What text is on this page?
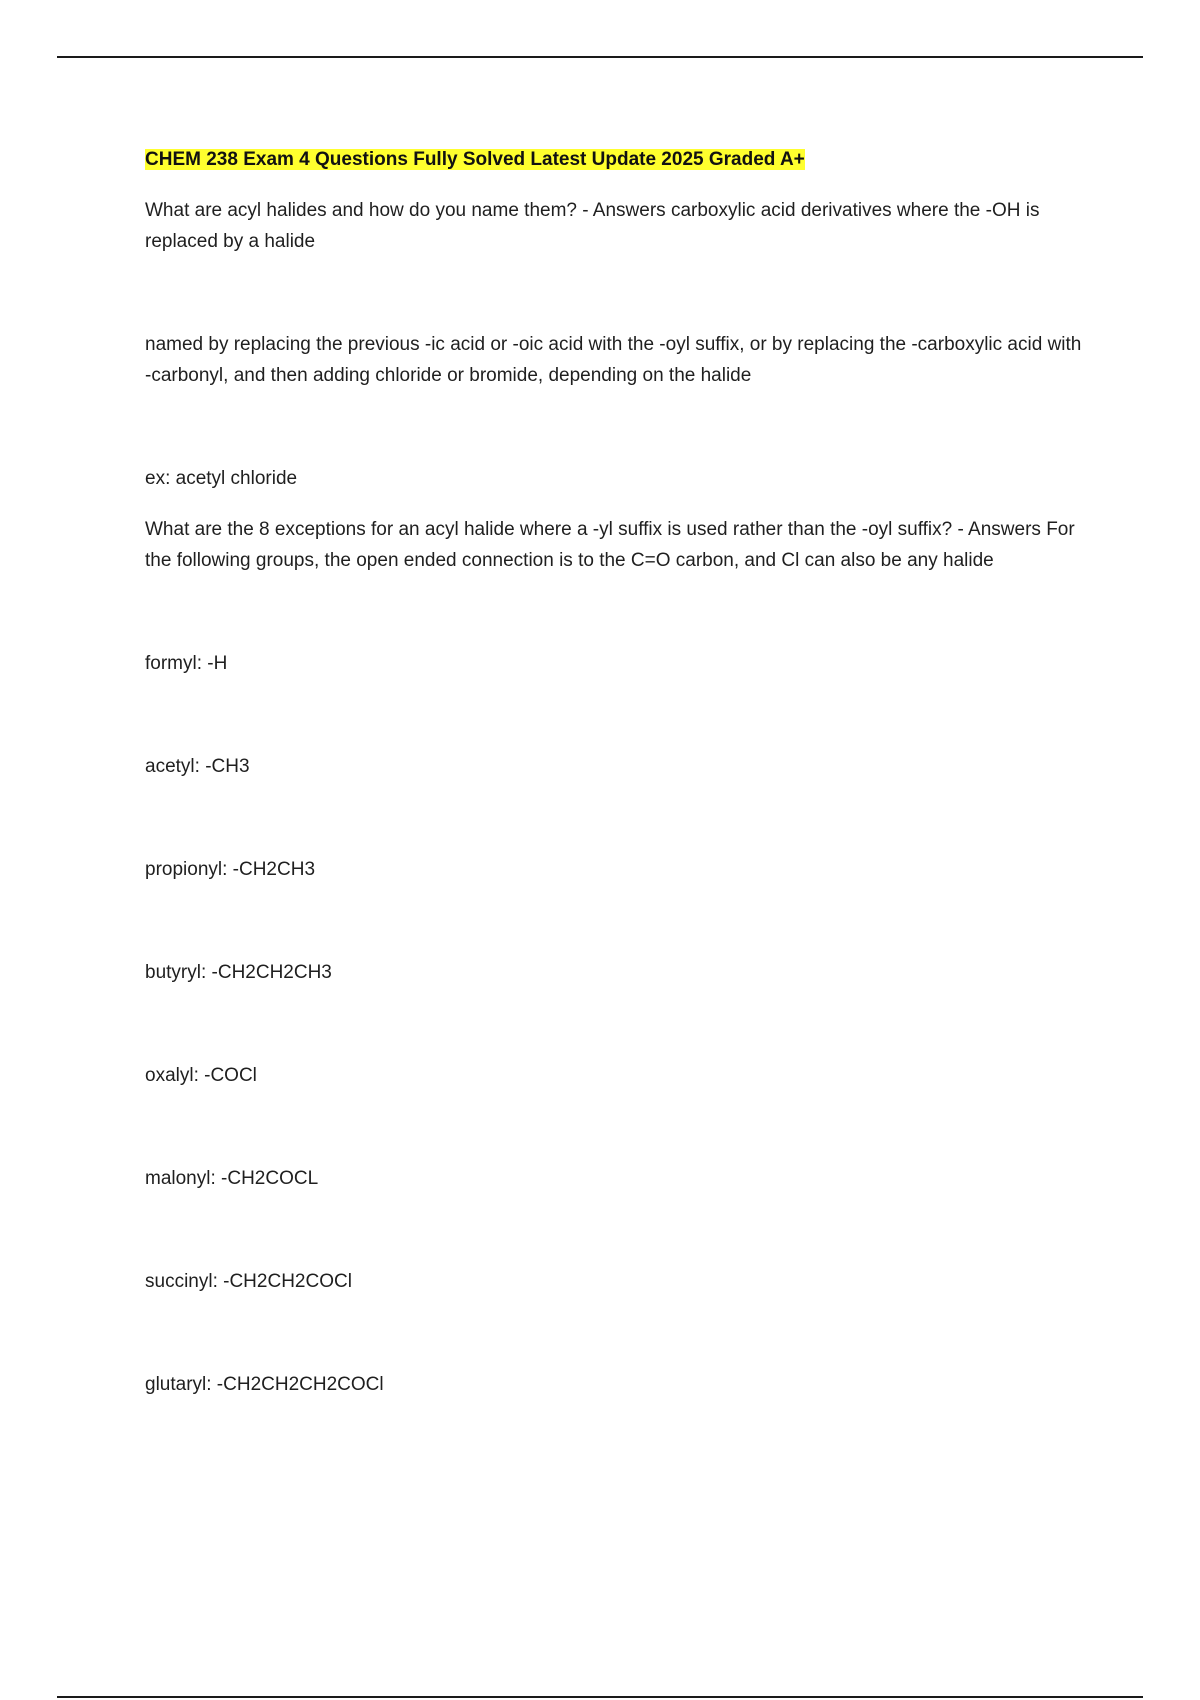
CHEM 238 Exam 4 Questions Fully Solved Latest Update 2025 Graded A+

What are acyl halides and how do you name them? - Answers carboxylic acid derivatives where the -OH is replaced by a halide

named by replacing the previous -ic acid or -oic acid with the -oyl suffix, or by replacing the -carboxylic acid with -carbonyl, and then adding chloride or bromide, depending on the halide

ex: acetyl chloride

What are the 8 exceptions for an acyl halide where a -yl suffix is used rather than the -oyl suffix? - Answers For the following groups, the open ended connection is to the C=O carbon, and Cl can also be any halide

formyl: -H

acetyl: -CH3

propionyl: -CH2CH3

butyryl: -CH2CH2CH3

oxalyl: -COCl

malonyl: -CH2COCL

succinyl: -CH2CH2COCl

glutaryl: -CH2CH2CH2COCl
